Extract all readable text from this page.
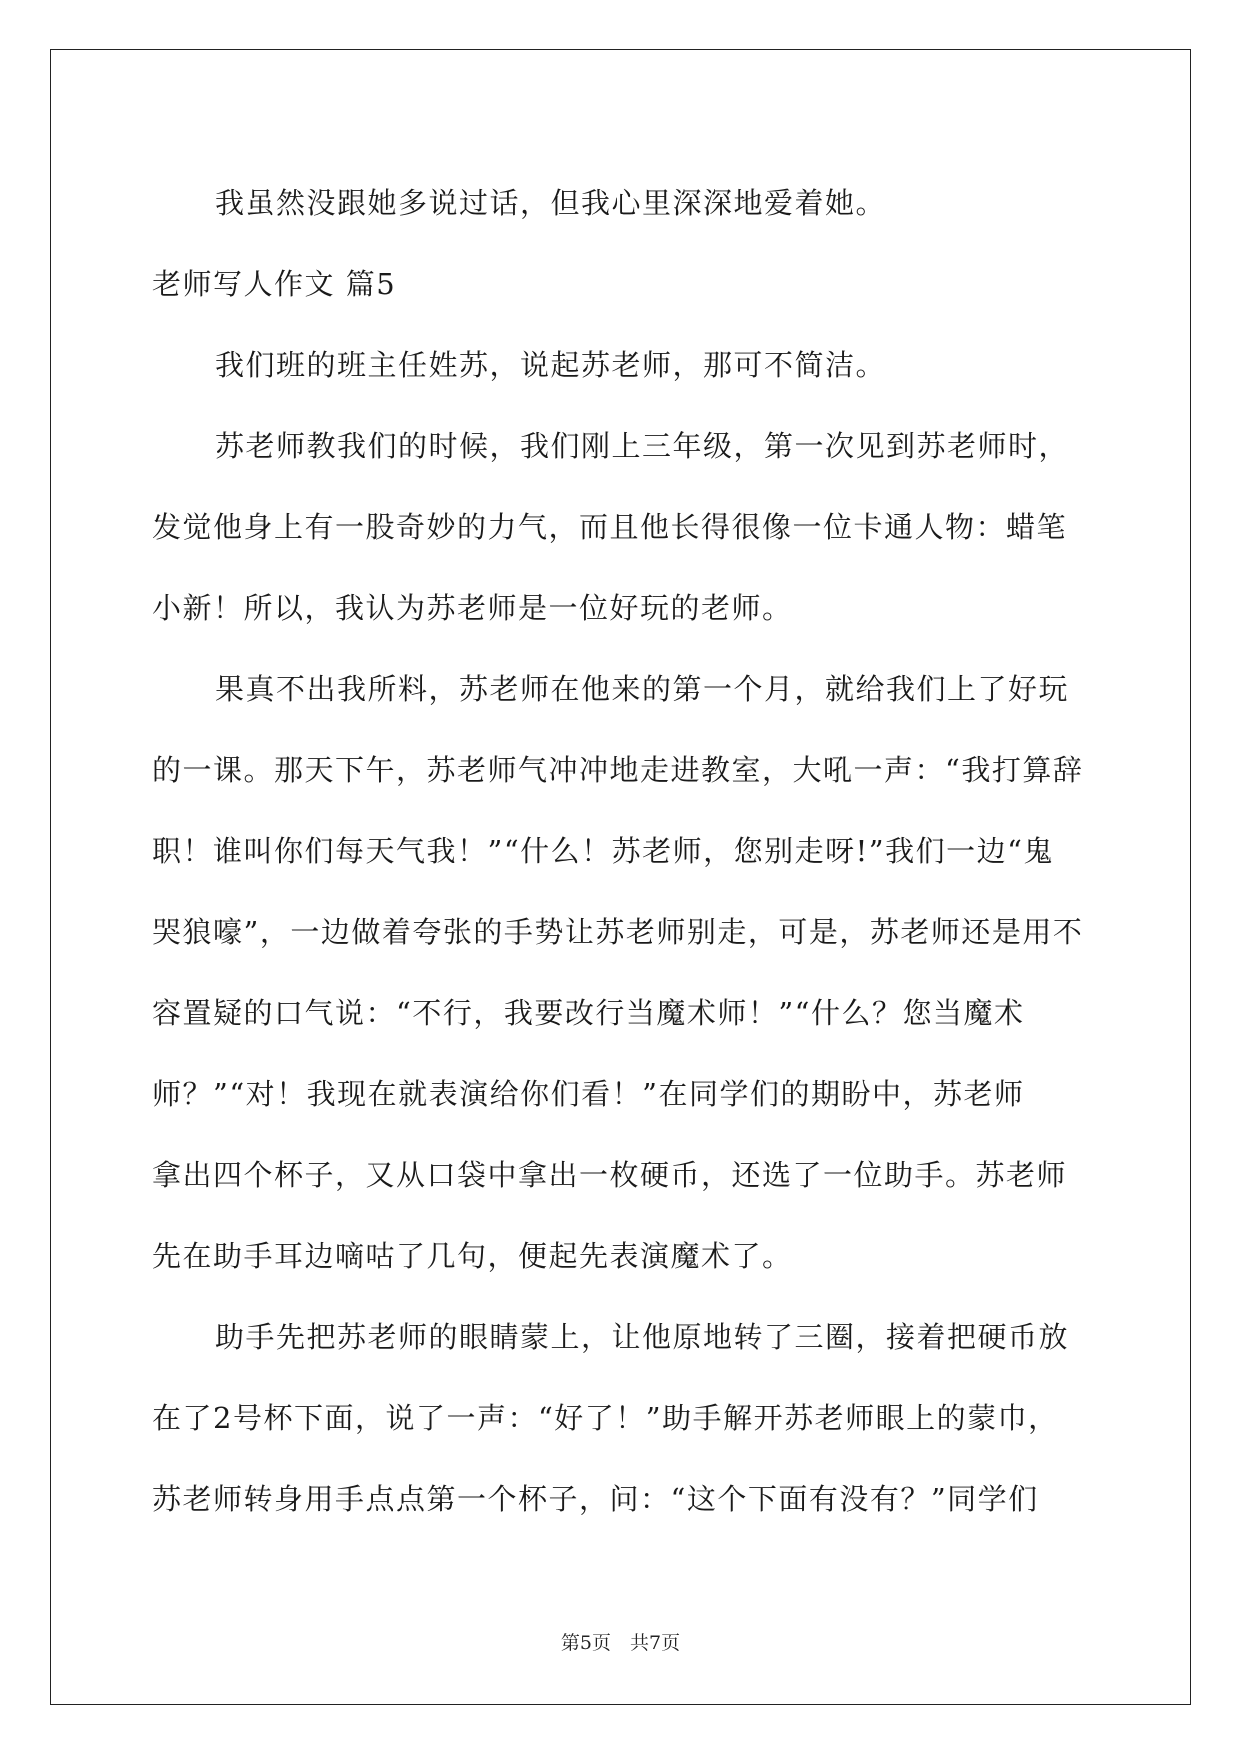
我虽然没跟她多说过话，但我心里深深地爱着她。

老师写人作文 篇5

我们班的班主任姓苏，说起苏老师，那可不简洁。

苏老师教我们的时候，我们刚上三年级，第一次见到苏老师时，

发觉他身上有一股奇妙的力气，而且他长得很像一位卡通人物：蜡笔

小新！所以，我认为苏老师是一位好玩的老师。

果真不出我所料，苏老师在他来的第一个月，就给我们上了好玩

的一课。那天下午，苏老师气冲冲地走进教室，大吼一声：“我打算辞

职！谁叫你们每天气我！”“什么！苏老师，您别走呀!”我们一边“鬼

哭狼嚎”，一边做着夸张的手势让苏老师别走，可是，苏老师还是用不

容置疑的口气说：“不行，我要改行当魔术师！”“什么？您当魔术

师？”“对！我现在就表演给你们看！”在同学们的期盼中，苏老师

拿出四个杯子，又从口袋中拿出一枚硬币，还选了一位助手。苏老师

先在助手耳边嘀咕了几句，便起先表演魔术了。

助手先把苏老师的眼睛蒙上，让他原地转了三圈，接着把硬币放

在了2号杯下面，说了一声：“好了！”助手解开苏老师眼上的蒙巾，

苏老师转身用手点点第一个杯子，问：“这个下面有没有？”同学们

第5页　共7页
